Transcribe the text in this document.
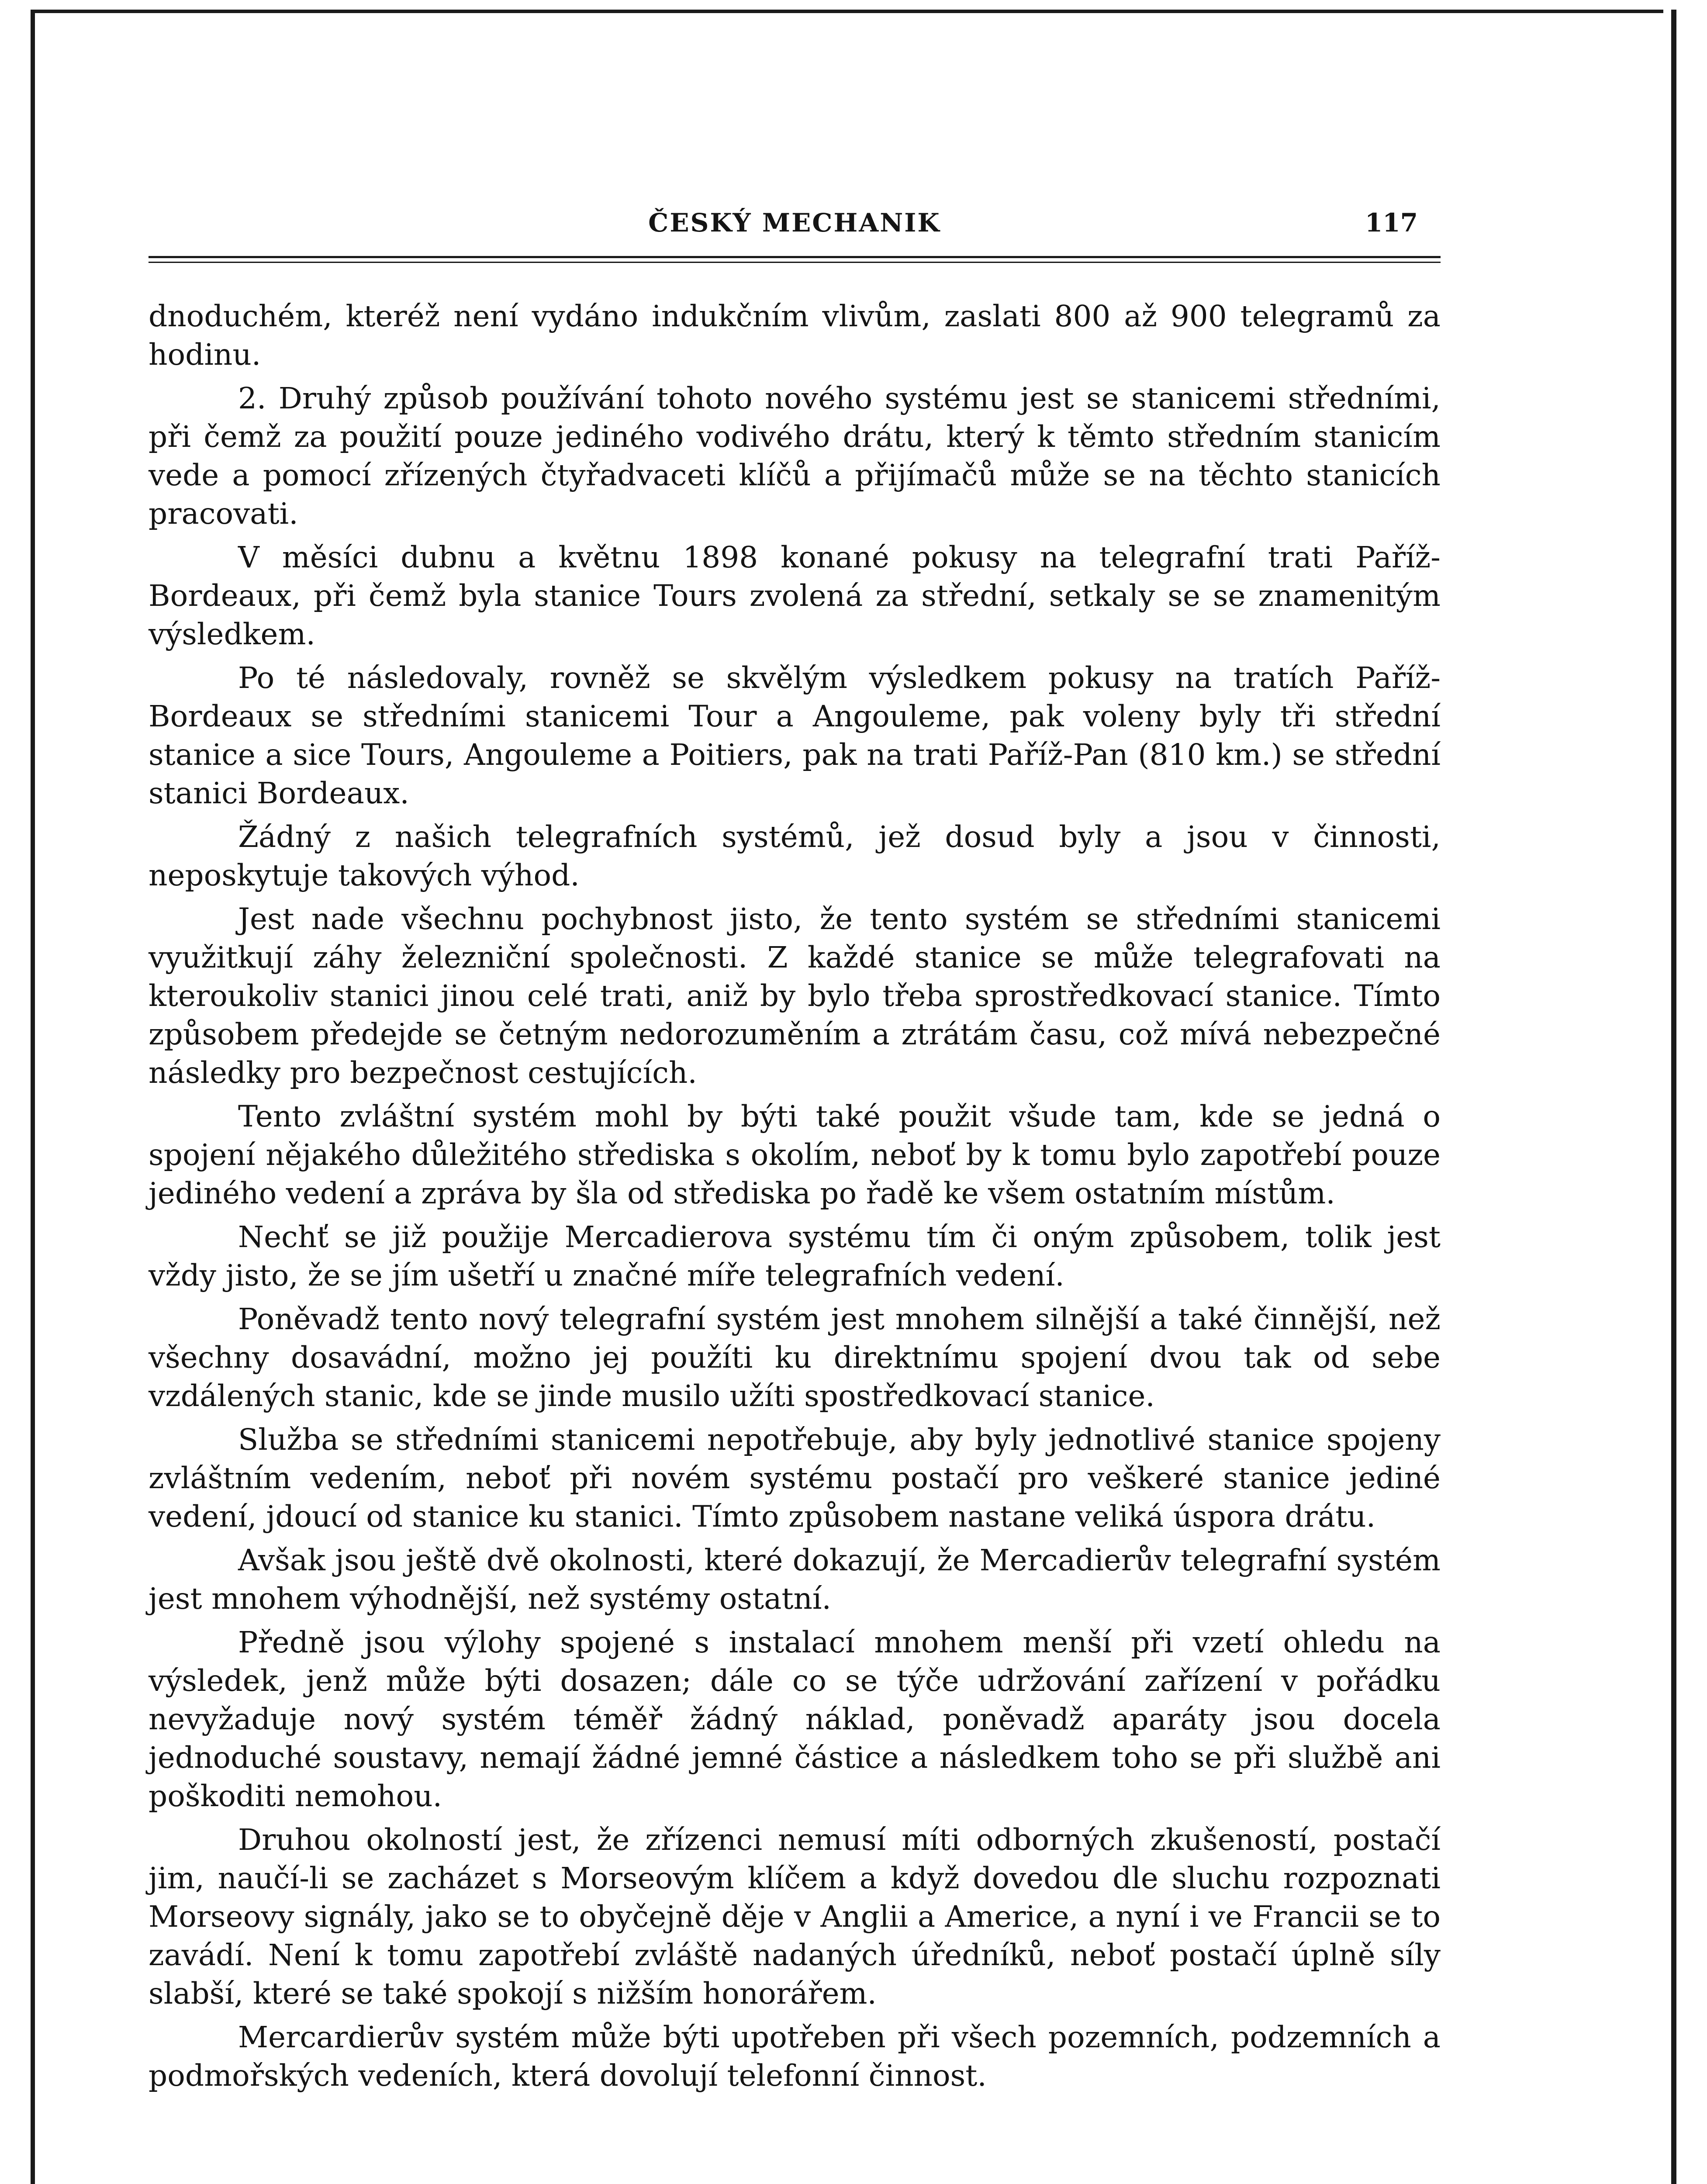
ČESKÝ MECHANIK	117

dnoduchém, kteréž není vydáno indukčním vlivům, zaslati 800 až 900 telegramů za hodinu.

2. Druhý způsob používání tohoto nového systému jest se stanicemi středními, při čemž za použití pouze jediného vodivého drátu, který k těmto středním stanicím vede a pomocí zřízených čtyřadvaceti klíčů a přijímačů může se na těchto stanicích pracovati.

V měsíci dubnu a květnu 1898 konané pokusy na telegrafní trati Paříž-Bordeaux, při čemž byla stanice Tours zvolená za střední, setkaly se se znamenitým výsledkem.

Po té následovaly, rovněž se skvělým výsledkem pokusy na tratích Paříž-Bordeaux se středními stanicemi Tour a Angouleme, pak voleny byly tři střední stanice a sice Tours, Angouleme a Poitiers, pak na trati Paříž-Pan (810 km.) se střední stanici Bordeaux.

Žádný z našich telegrafních systémů, jež dosud byly a jsou v činnosti, neposkytuje takových výhod.

Jest nade všechnu pochybnost jisto, že tento systém se středními stanicemi využitkují záhy železniční společnosti. Z každé stanice se může telegrafovati na kteroukoliv stanici jinou celé trati, aniž by bylo třeba sprostředkovací stanice. Tímto způsobem předejde se četným nedorozuměním a ztrátám času, což mívá nebezpečné následky pro bezpečnost cestujících.

Tento zvláštní systém mohl by býti také použit všude tam, kde se jedná o spojení nějakého důležitého střediska s okolím, neboť by k tomu bylo zapotřebí pouze jediného vedení a zpráva by šla od střediska po řadě ke všem ostatním místům.

Nechť se již použije Mercadierova systému tím či oným způsobem, tolik jest vždy jisto, že se jím ušetří u značné míře telegrafních vedení.

Poněvadž tento nový telegrafní systém jest mnohem silnější a také činnější, než všechny dosavádní, možno jej použíti ku direktnímu spojení dvou tak od sebe vzdálených stanic, kde se jinde musilo užíti spostředkovací stanice.

Služba se středními stanicemi nepotřebuje, aby byly jednotlivé stanice spojeny zvláštním vedením, neboť při novém systému postačí pro veškeré stanice jediné vedení, jdoucí od stanice ku stanici. Tímto způsobem nastane veliká úspora drátu.

Avšak jsou ještě dvě okolnosti, které dokazují, že Mercadierův telegrafní systém jest mnohem výhodnější, než systémy ostatní.

Předně jsou výlohy spojené s instalací mnohem menší při vzetí ohledu na výsledek, jenž může býti dosazen; dále co se týče udržování zařízení v pořádku nevyžaduje nový systém téměř žádný náklad, poněvadž aparáty jsou docela jednoduché soustavy, nemají žádné jemné částice a následkem toho se při službě ani poškoditi nemohou.

Druhou okolností jest, že zřízenci nemusí míti odborných zkušeností, postačí jim, naučí-li se zacházet s Morseovým klíčem a když dovedou dle sluchu rozpoznati Morseovy signály, jako se to obyčejně děje v Anglii a Americe, a nyní i ve Francii se to zavádí. Není k tomu zapotřebí zvláště nadaných úředníků, neboť postačí úplně síly slabší, které se také spokojí s nižším honorářem.

Mercardierův systém může býti upotřeben při všech pozemních, podzemních a podmořských vedeních, která dovolují telefonní činnost.
